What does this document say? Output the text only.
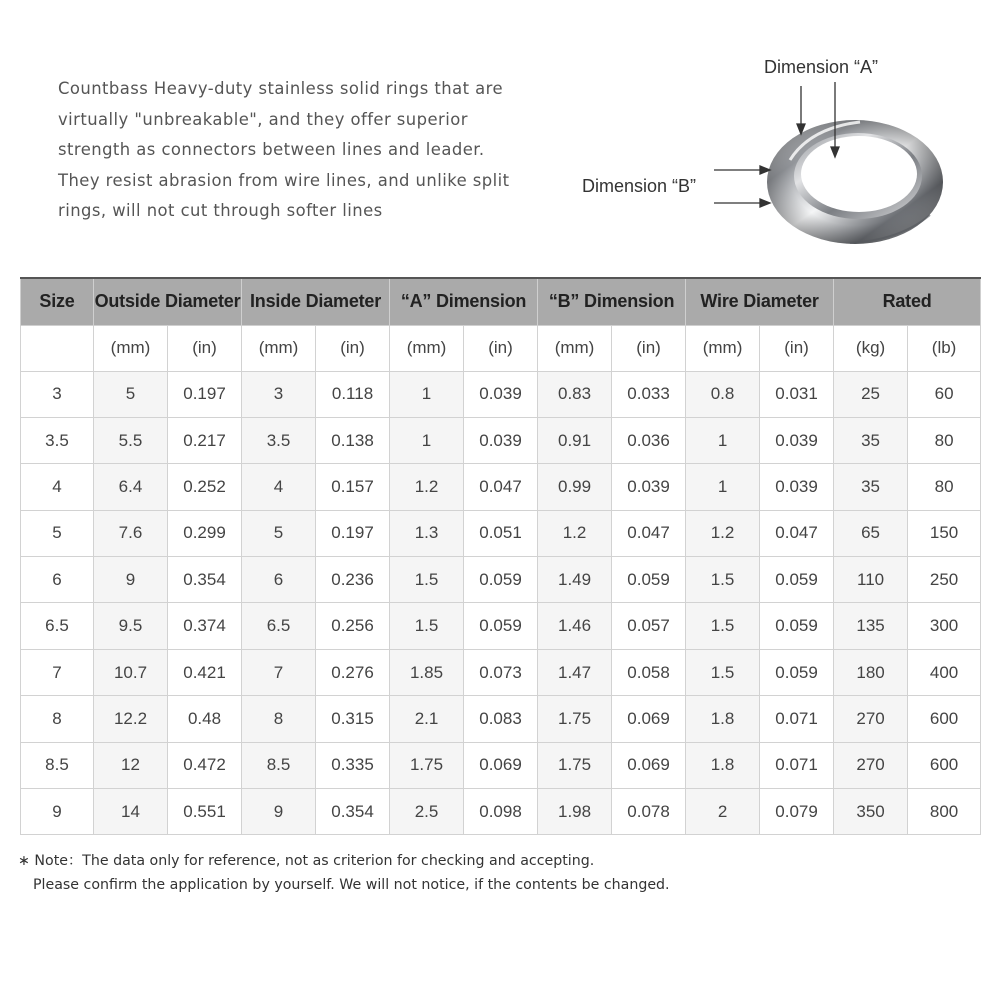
Countbass Heavy-duty stainless solid rings that are virtually "unbreakable", and they offer superior strength as connectors between lines and leader. They resist abrasion from wire lines, and unlike split rings, will not cut through softer lines
Dimension “A”
Dimension “B”
Size	Outside Diameter		Inside Diameter		“A” Dimension		“B” Dimension		Wire Diameter		Rated	
	(mm)	(in)	(mm)	(in)	(mm)	(in)	(mm)	(in)	(mm)	(in)	(kg)	(lb)
3	5	0.197	3	0.118	1	0.039	0.83	0.033	0.8	0.031	25	60
3.5	5.5	0.217	3.5	0.138	1	0.039	0.91	0.036	1	0.039	35	80
4	6.4	0.252	4	0.157	1.2	0.047	0.99	0.039	1	0.039	35	80
5	7.6	0.299	5	0.197	1.3	0.051	1.2	0.047	1.2	0.047	65	150
6	9	0.354	6	0.236	1.5	0.059	1.49	0.059	1.5	0.059	110	250
6.5	9.5	0.374	6.5	0.256	1.5	0.059	1.46	0.057	1.5	0.059	135	300
7	10.7	0.421	7	0.276	1.85	0.073	1.47	0.058	1.5	0.059	180	400
8	12.2	0.48	8	0.315	2.1	0.083	1.75	0.069	1.8	0.071	270	600
8.5	12	0.472	8.5	0.335	1.75	0.069	1.75	0.069	1.8	0.071	270	600
9	14	0.551	9	0.354	2.5	0.098	1.98	0.078	2	0.079	350	800
∗ Note：The data only for reference, not as criterion for checking and accepting.
Please confirm the application by yourself. We will not notice, if the contents be changed.
